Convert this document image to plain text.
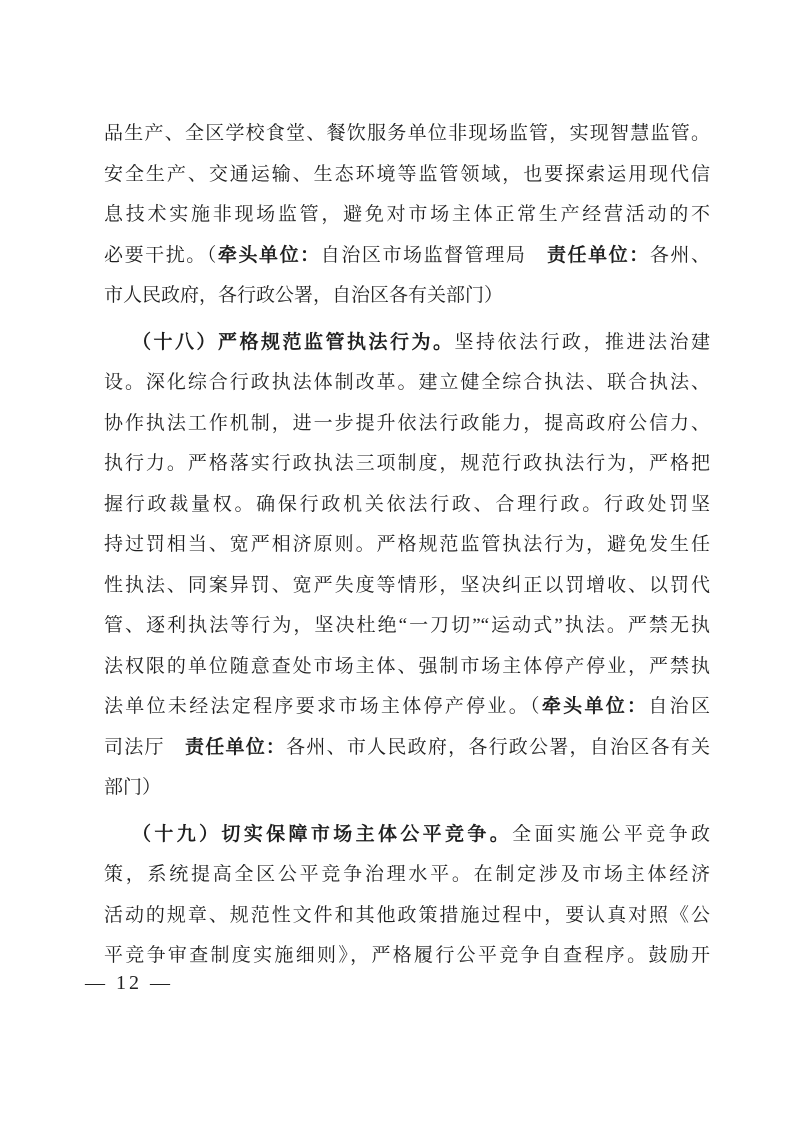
品生产、全区学校食堂、餐饮服务单位非现场监管，实现智慧监管。
安全生产、交通运输、生态环境等监管领域，也要探索运用现代信
息技术实施非现场监管，避免对市场主体正常生产经营活动的不
必要干扰。（牵头单位：自治区市场监督管理局　责任单位：各州、
市人民政府，各行政公署，自治区各有关部门）
（十八）严格规范监管执法行为。坚持依法行政，推进法治建
设。深化综合行政执法体制改革。建立健全综合执法、联合执法、
协作执法工作机制，进一步提升依法行政能力，提高政府公信力、
执行力。严格落实行政执法三项制度，规范行政执法行为，严格把
握行政裁量权。确保行政机关依法行政、合理行政。行政处罚坚
持过罚相当、宽严相济原则。严格规范监管执法行为，避免发生任
性执法、同案异罚、宽严失度等情形，坚决纠正以罚增收、以罚代
管、逐利执法等行为，坚决杜绝“一刀切”“运动式”执法。严禁无执
法权限的单位随意查处市场主体、强制市场主体停产停业，严禁执
法单位未经法定程序要求市场主体停产停业。（牵头单位：自治区
司法厅　责任单位：各州、市人民政府，各行政公署，自治区各有关
部门）
（十九）切实保障市场主体公平竞争。全面实施公平竞争政
策，系统提高全区公平竞争治理水平。在制定涉及市场主体经济
活动的规章、规范性文件和其他政策措施过程中，要认真对照《公
平竞争审查制度实施细则》，严格履行公平竞争自查程序。鼓励开
— 12 —
